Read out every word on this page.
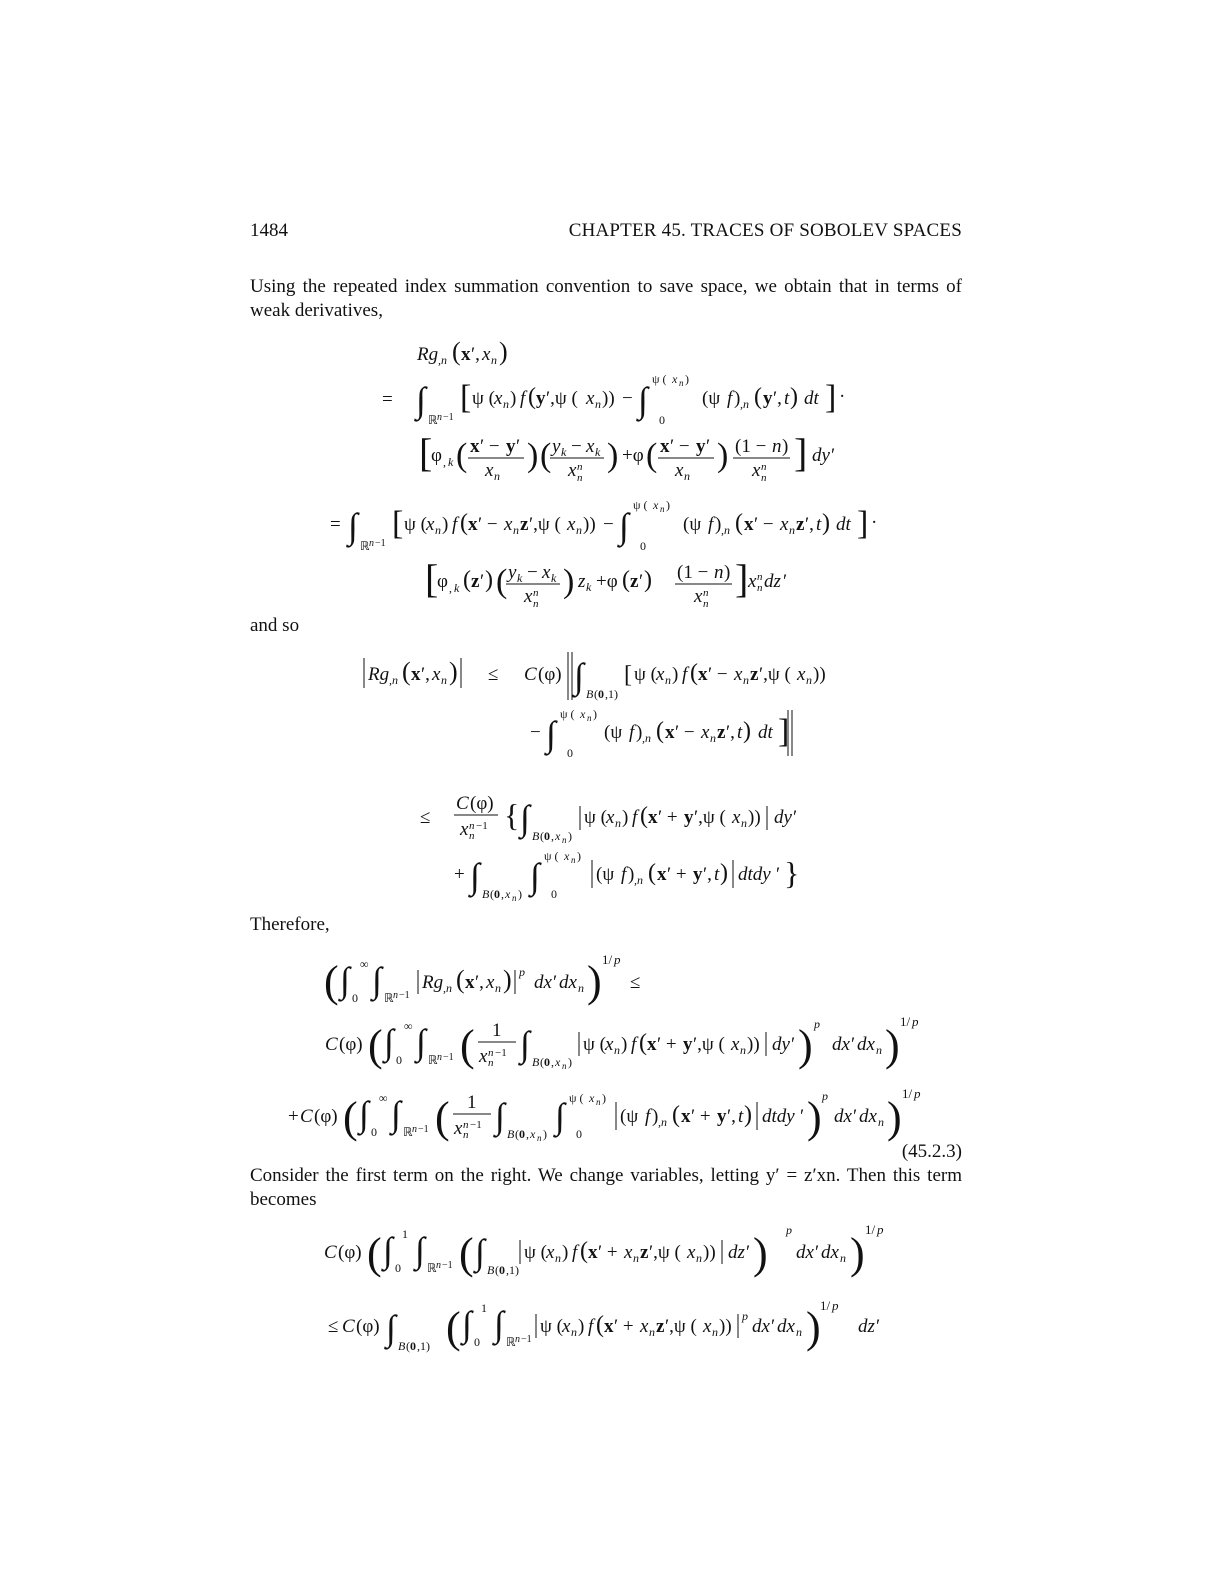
1484	CHAPTER 45. TRACES OF SOBOLEV SPACES
Using the repeated index summation convention to save space, we obtain that in terms of weak derivatives,
Rg ,n ( x ′, x n )
= ∫ ℝ n −1
[ ψ ( x n ) f ( y ′,ψ ( x n )) − ∫ 0
ψ ( x n )
(ψ f ) ,n ( y ′, t ) dt ] ·
[
φ , k ( x ′ − y ′
x n
) ( y k − x k
x n
n
) +φ ( x ′ − y ′
x n
) (1 − n )
x n
n
] dy ′
= ∫ ℝ n −1
[ ψ ( x n ) f ( x ′ − x n z ′,ψ ( x n )) − ∫ 0
ψ ( x n )
(ψ f ) ,n ( x ′ − x n z ′, t ) dt ] ·
[
φ , k ( z ′ ) ( y k − x k
x n
n
) z k +φ ( z ′ ) (1 − n )
x n
n
] x n
n dz ′
and so
Rg ,n ( x ′, x n ) ≤ C (φ) ∫ B ( 0 ,1)
[ ψ ( x n ) f ( x ′ − x n z ′,ψ ( x n ))
− ∫ 0
ψ ( x n )
(ψ f ) ,n ( x ′ − x n z ′, t ) dt ]
≤
C (φ)
x n
n
−1 { ∫ B ( 0 , x n )
ψ ( x n ) f ( x ′ + y ′,ψ ( x n )) dy ′
+ ∫ B ( 0 , x n ) ∫ 0
ψ ( x n )
(ψ f ) ,n ( x ′ + y ′, t ) dtdy ′ }
Therefore,
( ∫ ∞
0 ∫ ℝ n −1
Rg ,n ( x ′, x n ) p dx ′ dx n ) 1/ p
≤
C (φ) ( ∫ ∞
0 ∫ ℝ n −1 ( 1
x n
n
−1 ∫ B ( 0 , x n )
ψ ( x n ) f ( x ′ + y ′,ψ ( x n )) dy ′ ) p
dx ′ dx n ) 1/ p
+ C (φ) ( ∫ ∞
0 ∫ ℝ n −1 ( 1
x n
n
−1 ∫ B ( 0 , x n ) ∫ 0
ψ ( x n )
(ψ f ) ,n ( x ′ + y ′, t ) dtdy ′ ) p
dx ′ dx n ) 1/ p
(45.2.3)
Consider the first term on the right. We change variables, letting y′ = z′xn. Then this term becomes
C (φ) ( ∫ 1
0 ∫ ℝ n −1 ( ∫ B ( 0 ,1)
ψ ( x n ) f ( x ′ + x n z ′,ψ ( x n )) dz ′ ) p
dx ′ dx n ) 1/ p
≤ C (φ) ∫ B ( 0 ,1) ( ∫ 1
0 ∫ ℝ n −1
ψ ( x n ) f ( x ′ + x n z ′,ψ ( x n )) p dx ′ dx n ) 1/ p
dz ′
